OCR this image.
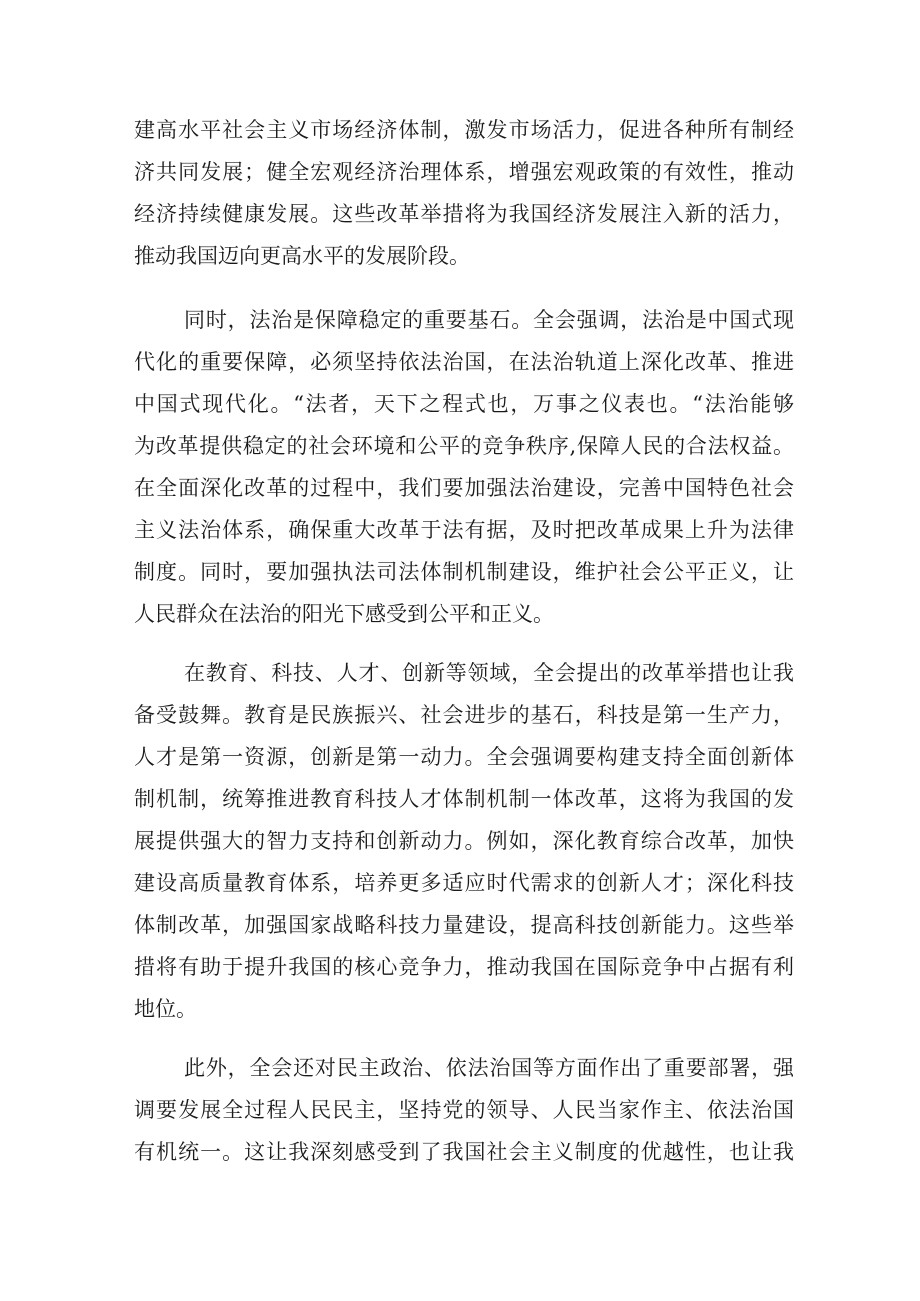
建高水平社会主义市场经济体制，激发市场活力，促进各种所有制经
济共同发展；健全宏观经济治理体系，增强宏观政策的有效性，推动
经济持续健康发展。这些改革举措将为我国经济发展注入新的活力，
推动我国迈向更高水平的发展阶段。
同时，法治是保障稳定的重要基石。全会强调，法治是中国式现
代化的重要保障，必须坚持依法治国，在法治轨道上深化改革、推进
中国式现代化。“法者，天下之程式也，万事之仪表也。“法治能够
为改革提供稳定的社会环境和公平的竞争秩序,保障人民的合法权益。
在全面深化改革的过程中，我们要加强法治建设，完善中国特色社会
主义法治体系，确保重大改革于法有据，及时把改革成果上升为法律
制度。同时，要加强执法司法体制机制建设，维护社会公平正义，让
人民群众在法治的阳光下感受到公平和正义。
在教育、科技、人才、创新等领域，全会提出的改革举措也让我
备受鼓舞。教育是民族振兴、社会进步的基石，科技是第一生产力，
人才是第一资源，创新是第一动力。全会强调要构建支持全面创新体
制机制，统筹推进教育科技人才体制机制一体改革，这将为我国的发
展提供强大的智力支持和创新动力。例如，深化教育综合改革，加快
建设高质量教育体系，培养更多适应时代需求的创新人才；深化科技
体制改革，加强国家战略科技力量建设，提高科技创新能力。这些举
措将有助于提升我国的核心竞争力，推动我国在国际竞争中占据有利
地位。
此外，全会还对民主政治、依法治国等方面作出了重要部署，强
调要发展全过程人民民主，坚持党的领导、人民当家作主、依法治国
有机统一。这让我深刻感受到了我国社会主义制度的优越性，也让我
